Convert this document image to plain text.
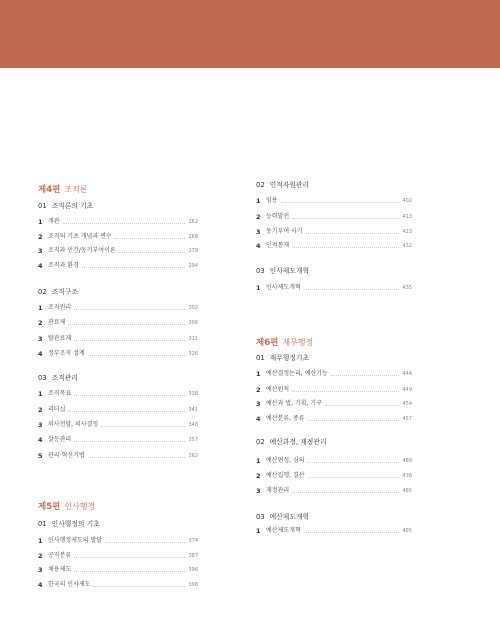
제4편 조직론
01 조직론의 기초
1 개관	262
2 조직의 기초 개념과 변수	268
3 조직과 인간/동기부여이론	279
4 조직과 환경	294
02 조직구조
1 조직원리	302
2 관료제	306
3 탈관료제	311
4 정부조직 설계	326
03 조직관리
1 조직목표	338
2 리더십	341
3 의사전달, 의사결정	348
4 갈등관리	357
5 관리·혁신기법	362
제5편 인사행정
01 인사행정의 기초
1 인사행정제도의 발달	374
2 공직분류	387
3 채용제도	396
4 한국의 인사제도	398
02 인적자원관리
1 임용	402
2 능력발전	413
3 동기부여·사기	423
4 인적통제	432
03 인사제도개혁
1 인사제도개혁	435
제6편 재무행정
01 재무행정기초
1 예산결정논리, 예산기능	444
2 예산원칙	449
3 예산과 법, 기획, 기구	454
4 예산분류, 종류	457
02 예산과정, 재정관리
1 예산편성, 심의	469
2 예산집행, 결산	476
3 재정관리	485
03 예산제도개혁
1 예산제도개혁	495
